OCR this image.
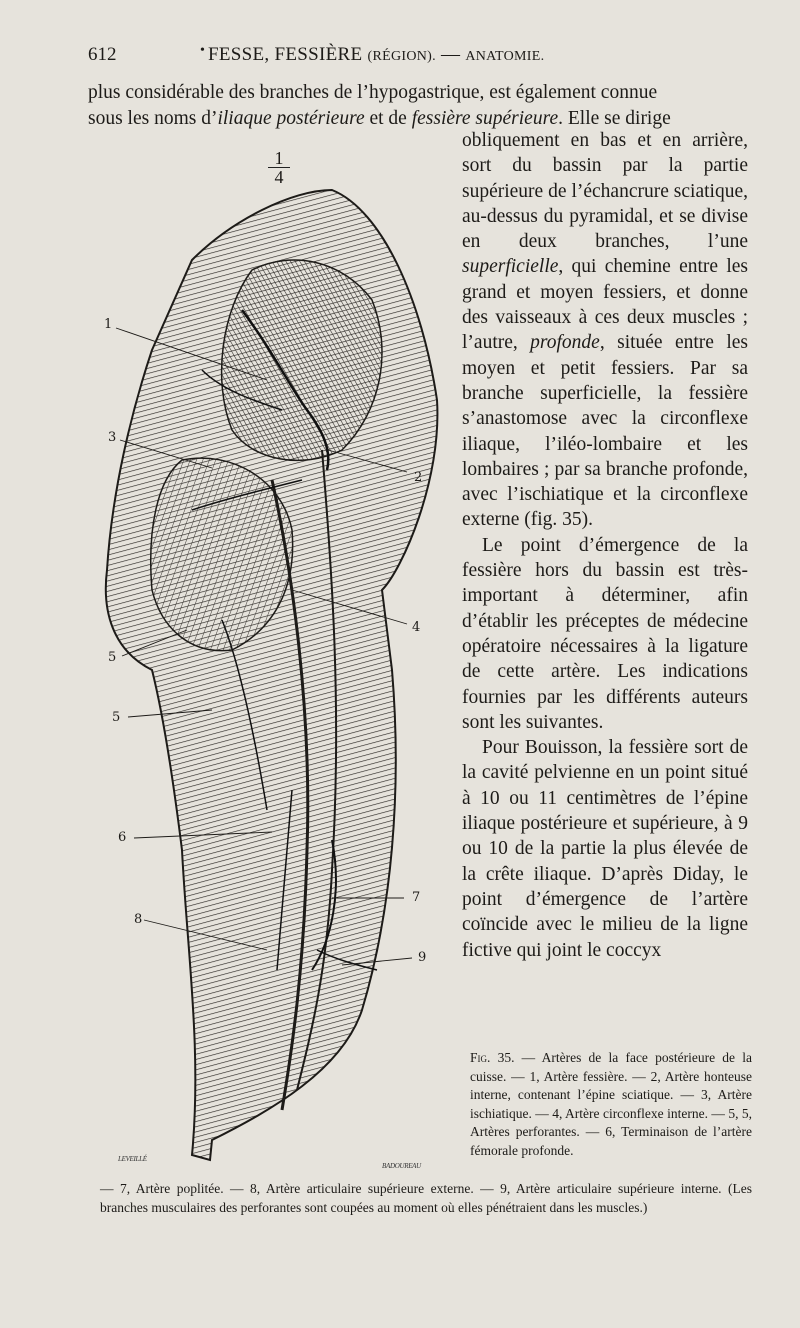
612	• FESSE, FESSIÈRE (RÉGION). — ANATOMIE.
plus considérable des branches de l’hypogastrique, est également connue
sous les noms d’iliaque postérieure et de fessière supérieure. Elle se dirige

obliquement en bas et en arrière, sort du bassin par la partie supérieure de l’échancrure sciatique, au-dessus du pyramidal, et se divise en deux branches, l’une superficielle, qui chemine entre les grand et moyen fessiers, et donne des vaisseaux à ces deux muscles ; l’autre, profonde, située entre les moyen et petit fessiers. Par sa branche superficielle, la fessière s’anastomose avec la circonflexe iliaque, l’iléo-lombaire et les lombaires ; par sa branche profonde, avec l’ischiatique et la circonflexe externe (fig. 35).

Le point d’émergence de la fessière hors du bassin est très-important à déterminer, afin d’établir les préceptes de médecine opératoire nécessaires à la ligature de cette artère. Les indications fournies par les différents auteurs sont les suivantes.

Pour Bouisson, la fessière sort de la cavité pelvienne en un point situé à 10 ou 11 centimètres de l’épine iliaque postérieure et supérieure, à 9 ou 10 de la partie la plus élevée de la crête iliaque. D’après Diday, le point d’émergence de l’artère coïncide avec le milieu de la ligne fictive qui joint le coccyx

1
4
1
2
3
4
5
5
6
7
8
9
LEVEILLÉ
BADOUREAU
Fig. 35. — Artères de la face postérieure de la cuisse. — 1, Artère fessière. — 2, Artère honteuse interne, contenant l’épine sciatique. — 3, Artère ischiatique. — 4, Artère circonflexe interne. — 5, 5, Artères perforantes. — 6, Terminaison de l’artère fémorale profonde.
— 7, Artère poplitée. — 8, Artère articulaire supérieure externe. — 9, Artère articulaire supérieure interne. (Les branches musculaires des perforantes sont coupées au moment où elles pénétraient dans les muscles.)
